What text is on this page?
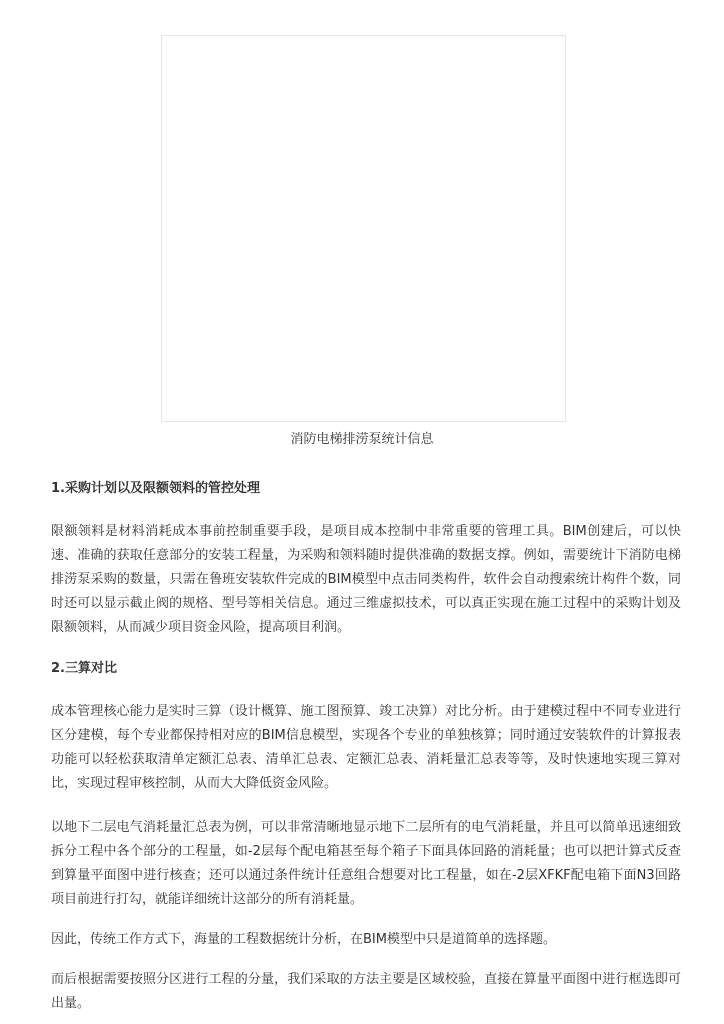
消防电梯排涝泵统计信息

1.采购计划以及限额领料的管控处理

限额领料是材料消耗成本事前控制重要手段，是项目成本控制中非常重要的管理工具。BIM创建后，可以快速、准确的获取任意部分的安装工程量，为采购和领料随时提供准确的数据支撑。例如，需要统计下消防电梯排涝泵采购的数量，只需在鲁班安装软件完成的BIM模型中点击同类构件，软件会自动搜索统计构件个数，同时还可以显示截止阀的规格、型号等相关信息。通过三维虚拟技术，可以真正实现在施工过程中的采购计划及限额领料，从而减少项目资金风险，提高项目利润。

2.三算对比

成本管理核心能力是实时三算（设计概算、施工图预算、竣工决算）对比分析。由于建模过程中不同专业进行区分建模，每个专业都保持相对应的BIM信息模型，实现各个专业的单独核算；同时通过安装软件的计算报表功能可以轻松获取清单定额汇总表、清单汇总表、定额汇总表、消耗量汇总表等等，及时快速地实现三算对比，实现过程审核控制，从而大大降低资金风险。

以地下二层电气消耗量汇总表为例，可以非常清晰地显示地下二层所有的电气消耗量，并且可以简单迅速细致拆分工程中各个部分的工程量，如-2层每个配电箱甚至每个箱子下面具体回路的消耗量；也可以把计算式反查到算量平面图中进行核查；还可以通过条件统计任意组合想要对比工程量，如在-2层XFKF配电箱下面N3回路项目前进行打勾，就能详细统计这部分的所有消耗量。

因此，传统工作方式下，海量的工程数据统计分析，在BIM模型中只是道简单的选择题。

而后根据需要按照分区进行工程的分量，我们采取的方法主要是区域校验，直接在算量平面图中进行框选即可出量。
